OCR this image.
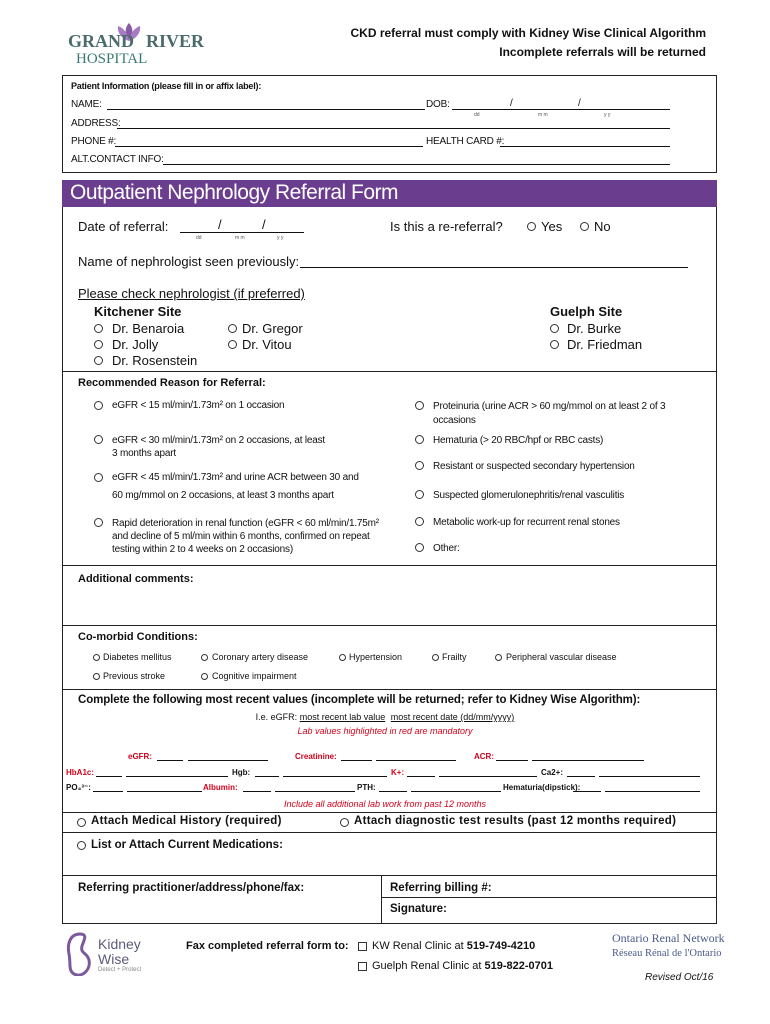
GRAND RIVER
HOSPITAL
CKD referral must comply with Kidney Wise Clinical Algorithm
Incomplete referrals will be returned
Patient Information (please fill in or affix label):
NAME:	DOB:	/	/
dd	m m	y y
ADDRESS:
PHONE #:	HEALTH CARD #:
ALT.CONTACT INFO:
Outpatient Nephrology Referral Form
Date of referral:	/	/
dd	m m	y y
Is this a re-referral?	Yes No
Name of nephrologist seen previously:
Please check nephrologist (if preferred)
Kitchener Site	Guelph Site
Dr. Benaroia
Dr. Jolly
Dr. Rosenstein
Dr. Gregor
Dr. Vitou
Dr. Burke
Dr. Friedman
Recommended Reason for Referral:
eGFR < 15 ml/min/1.73m² on 1 occasion
eGFR < 30 ml/min/1.73m² on 2 occasions, at least
3 months apart
eGFR < 45 ml/min/1.73m² and urine ACR between 30 and
60 mg/mmol on 2 occasions, at least 3 months apart
Rapid deterioration in renal function (eGFR < 60 ml/min/1.75m²
and decline of 5 ml/min within 6 months, confirmed on repeat
testing within 2 to 4 weeks on 2 occasions)
Proteinuria (urine ACR > 60 mg/mmol on at least 2 of 3
occasions
Hematuria (> 20 RBC/hpf or RBC casts)
Resistant or suspected secondary hypertension
Suspected glomerulonephritis/renal vasculitis
Metabolic work-up for recurrent renal stones
Other:
Additional comments:
Co-morbid Conditions:
Diabetes mellitus	Coronary artery disease	Hypertension	Frailty	Peripheral vascular disease
Previous stroke	Cognitive impairment
Complete the following most recent values (incomplete will be returned; refer to Kidney Wise Algorithm):
I.e. eGFR: most recent lab value most recent date (dd/mm/yyyy)
Lab values highlighted in red are mandatory
eGFR:	Creatinine:	ACR:
HbA1c:	Hgb:	K+:	Ca2+:
PO₄³⁻:	Albumin:	PTH:	Hematuria(dipstick):
Include all additional lab work from past 12 months
Attach Medical History (required)	Attach diagnostic test results (past 12 months required)
List or Attach Current Medications:
Referring practitioner/address/phone/fax:	Referring billing #:
Signature:
Kidney
Wise
Detect + Protect
Fax completed referral form to: KW Renal Clinic at 519-749-4210
Guelph Renal Clinic at 519-822-0701
Ontario Renal Network
Réseau Rénal de l'Ontario
Revised Oct/16
